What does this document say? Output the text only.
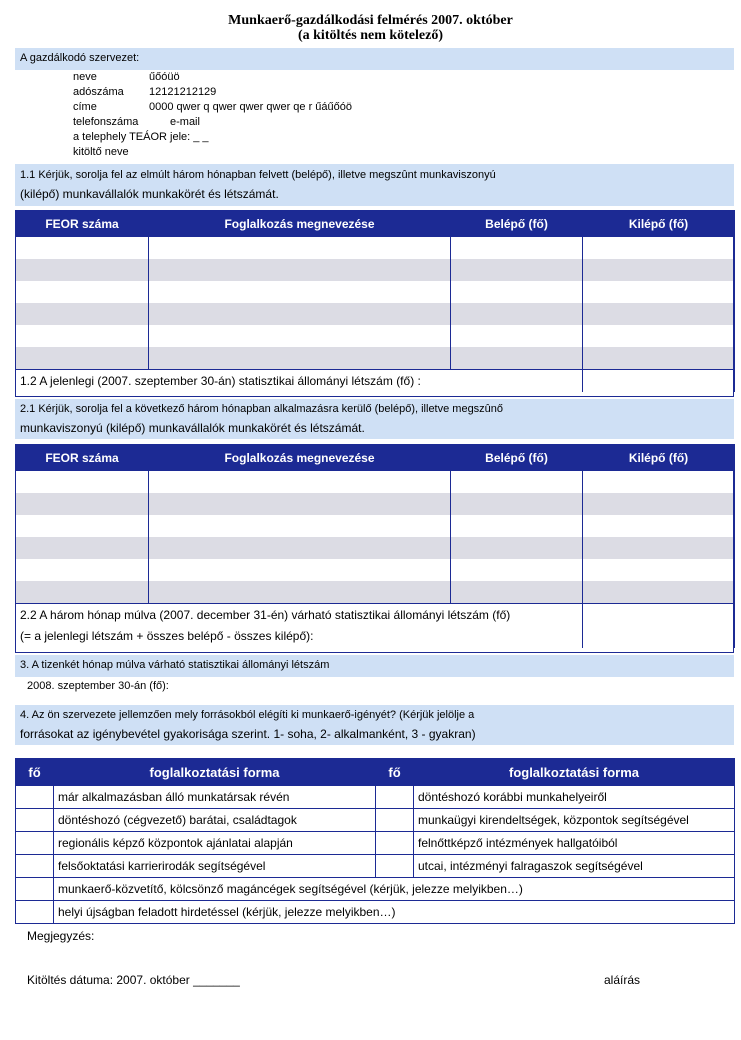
Munkaerő-gazdálkodási felmérés 2007. október
(a kitöltés nem kötelező)
A gazdálkodó szervezet:
neve	űőóüö
adószáma 12121212129
címe	0000 qwer q qwer qwer qwer qe r űáűőóö
telefonszáma	e-mail
a telephely TEÁOR jele: _ _
kitöltő neve
1.1 Kérjük, sorolja fel az elmúlt három hónapban felvett (belépő), illetve megszûnt munkaviszonyú
(kilépő) munkavállalók munkakörét és létszámát.
FEOR száma	Foglalkozás megnevezése	Belépő (fő)	Kilépő (fő)

1.2 A jelenlegi (2007. szeptember 30-án) statisztikai állományi létszám (fő) :			
2.1 Kérjük, sorolja fel a következő három hónapban alkalmazásra kerülő (belépő), illetve megszûnő
munkaviszonyú (kilépő) munkavállalók munkakörét és létszámát.
FEOR száma	Foglalkozás megnevezése	Belépő (fő)	Kilépő (fő)

2.2 A három hónap múlva (2007. december 31-én) várható statisztikai állományi létszám (fő)
(= a jelenlegi létszám + összes belépő - összes kilépő):			

3. A tizenkét hónap múlva várható statisztikai állományi létszám
2008. szeptember 30-án (fő):
4. Az ön szervezete jellemzően mely forrásokból elégíti ki munkaerő-igényét? (Kérjük jelölje a
forrásokat az igénybevétel gyakorisága szerint. 1- soha, 2- alkalmanként, 3 - gyakran)
fő	foglalkoztatási forma	fő	foglalkoztatási forma
	már alkalmazásban álló munkatársak révén		döntéshozó korábbi munkahelyeiről
	döntéshozó (cégvezető) barátai, családtagok		munkaügyi kirendeltségek, központok segítségével
	regionális képző központok ajánlatai alapján		felnőttképző intézmények hallgatóiból
	felsőoktatási karrierirodák segítségével		utcai, intézményi falragaszok segítségével
	munkaerő-közvetítő, kölcsönző magáncégek segítségével (kérjük, jelezze melyikben…)		
	helyi újságban feladott hirdetéssel (kérjük, jelezze melyikben…)		
Megjegyzés:
Kitöltés dátuma: 2007. október _______	aláírás
